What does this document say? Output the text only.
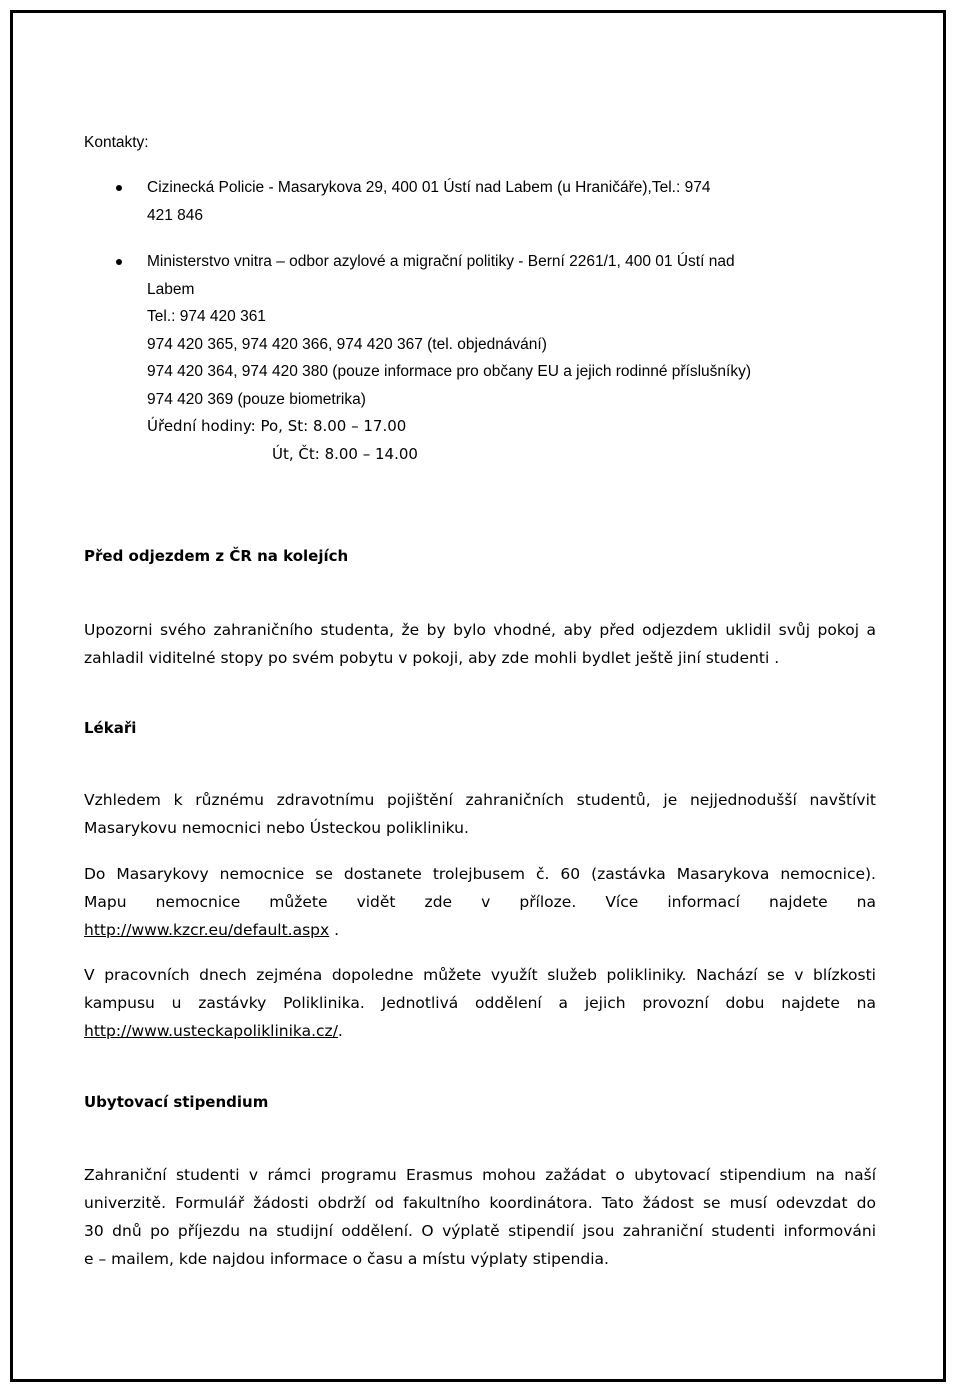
Kontakty:
Cizinecká Policie - Masarykova 29, 400 01 Ústí nad Labem (u Hraničáře),Tel.: 974
421 846
Ministerstvo vnitra – odbor azylové a migrační politiky - Berní 2261/1, 400 01 Ústí nad
Labem
Tel.: 974 420 361
974 420 365, 974 420 366, 974 420 367 (tel. objednávání)
974 420 364, 974 420 380 (pouze informace pro občany EU a jejich rodinné příslušníky)
974 420 369 (pouze biometrika)
Úřední hodiny: Po, St: 8.00 – 17.00
Út, Čt: 8.00 – 14.00
Před odjezdem z ČR na kolejích
Upozorni svého zahraničního studenta, že by bylo vhodné, aby před odjezdem uklidil svůj pokoj a
zahladil viditelné stopy po svém pobytu v pokoji, aby zde mohli bydlet ještě jiní studenti .
Lékaři
Vzhledem k různému zdravotnímu pojištění zahraničních studentů, je nejjednodušší navštívit
Masarykovu nemocnici nebo Ústeckou polikliniku.
Do Masarykovy nemocnice se dostanete trolejbusem č. 60 (zastávka Masarykova nemocnice).
Mapu nemocnice můžete vidět zde v příloze. Více informací najdete na
http://www.kzcr.eu/default.aspx .
V pracovních dnech zejména dopoledne můžete využít služeb polikliniky. Nachází se v blízkosti
kampusu u zastávky Poliklinika. Jednotlivá oddělení a jejich provozní dobu najdete na
http://www.usteckapoliklinika.cz/.
Ubytovací stipendium
Zahraniční studenti v rámci programu Erasmus mohou zažádat o ubytovací stipendium na naší
univerzitě. Formulář žádosti obdrží od fakultního koordinátora. Tato žádost se musí odevzdat do
30 dnů po příjezdu na studijní oddělení. O výplatě stipendií jsou zahraniční studenti informováni
e – mailem, kde najdou informace o času a místu výplaty stipendia.
